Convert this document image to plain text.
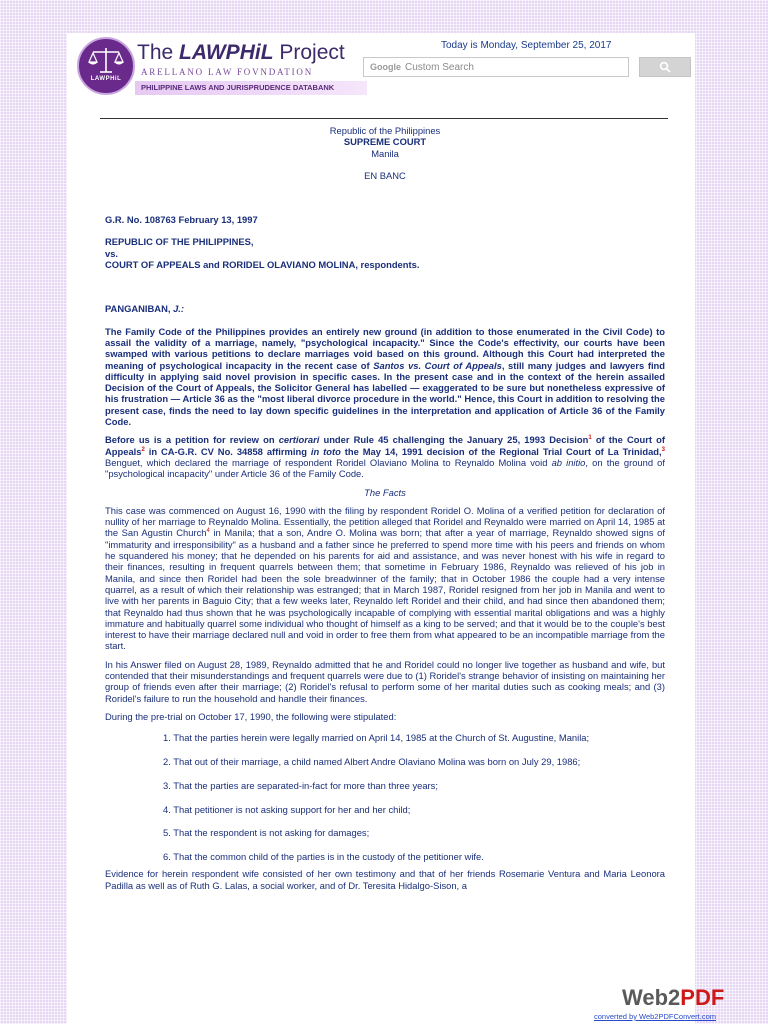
LAWPHiL
The LAWPHiL Project
ARELLANO LAW FOVNDATION
PHILIPPINE LAWS AND JURISPRUDENCE DATABANK
Today is Monday, September 25, 2017
Google Custom Search

Republic of the Philippines

SUPREME COURT

Manila

EN BANC

G.R. No. 108763 February 13, 1997

REPUBLIC OF THE PHILIPPINES,

vs.

COURT OF APPEALS and RORIDEL OLAVIANO MOLINA, respondents.

PANGANIBAN, J.:

The Family Code of the Philippines provides an entirely new ground (in addition to those enumerated in the Civil Code) to assail the validity of a marriage, namely, "psychological incapacity." Since the Code's effectivity, our courts have been swamped with various petitions to declare marriages void based on this ground. Although this Court had interpreted the meaning of psychological incapacity in the recent case of Santos vs. Court of Appeals, still many judges and lawyers find difficulty in applying said novel provision in specific cases. In the present case and in the context of the herein assailed Decision of the Court of Appeals, the Solicitor General has labelled — exaggerated to be sure but nonetheless expressive of his frustration — Article 36 as the "most liberal divorce procedure in the world." Hence, this Court in addition to resolving the present case, finds the need to lay down specific guidelines in the interpretation and application of Article 36 of the Family Code.

Before us is a petition for review on certiorari under Rule 45 challenging the January 25, 1993 Decision$^1$ of the Court of Appeals$^2$ in CA-G.R. CV No. 34858 affirming in toto the May 14, 1991 decision of the Regional Trial Court of La Trinidad,$^3$ Benguet, which declared the marriage of respondent Roridel Olaviano Molina to Reynaldo Molina void ab initio, on the ground of "psychological incapacity" under Article 36 of the Family Code.

The Facts

This case was commenced on August 16, 1990 with the filing by respondent Roridel O. Molina of a verified petition for declaration of nullity of her marriage to Reynaldo Molina. Essentially, the petition alleged that Roridel and Reynaldo were married on April 14, 1985 at the San Agustin Church$^4$ in Manila; that a son, Andre O. Molina was born; that after a year of marriage, Reynaldo showed signs of "immaturity and irresponsibility" as a husband and a father since he preferred to spend more time with his peers and friends on whom he squandered his money; that he depended on his parents for aid and assistance, and was never honest with his wife in regard to their finances, resulting in frequent quarrels between them; that sometime in February 1986, Reynaldo was relieved of his job in Manila, and since then Roridel had been the sole breadwinner of the family; that in October 1986 the couple had a very intense quarrel, as a result of which their relationship was estranged; that in March 1987, Roridel resigned from her job in Manila and went to live with her parents in Baguio City; that a few weeks later, Reynaldo left Roridel and their child, and had since then abandoned them; that Reynaldo had thus shown that he was psychologically incapable of complying with essential marital obligations and was a highly immature and habitually quarrel some individual who thought of himself as a king to be served; and that it would be to the couple's best interest to have their marriage declared null and void in order to free them from what appeared to be an incompatible marriage from the start.

In his Answer filed on August 28, 1989, Reynaldo admitted that he and Roridel could no longer live together as husband and wife, but contended that their misunderstandings and frequent quarrels were due to (1) Roridel's strange behavior of insisting on maintaining her group of friends even after their marriage; (2) Roridel's refusal to perform some of her marital duties such as cooking meals; and (3) Roridel's failure to run the household and handle their finances.

During the pre-trial on October 17, 1990, the following were stipulated:

1. That the parties herein were legally married on April 14, 1985 at the Church of St. Augustine, Manila;

2. That out of their marriage, a child named Albert Andre Olaviano Molina was born on July 29, 1986;

3. That the parties are separated-in-fact for more than three years;

4. That petitioner is not asking support for her and her child;

5. That the respondent is not asking for damages;

6. That the common child of the parties is in the custody of the petitioner wife.

Evidence for herein respondent wife consisted of her own testimony and that of her friends Rosemarie Ventura and Maria Leonora Padilla as well as of Ruth G. Lalas, a social worker, and of Dr. Teresita Hidalgo-Sison, a

Web2PDF
converted by Web2PDFConvert.com
